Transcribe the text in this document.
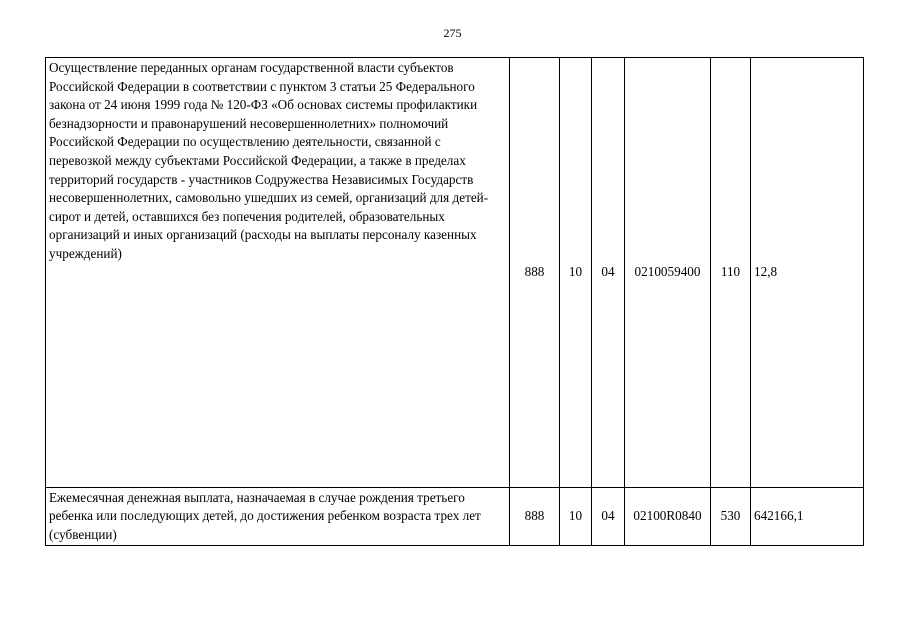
275
Осуществление переданных органам государственной власти субъектов Российской Федерации в соответствии с пунктом 3 статьи 25 Федерального закона от 24 июня 1999 года № 120-ФЗ «Об основах системы профилактики безнадзорности и правонарушений несовершеннолетних» полномочий Российской Федерации по осуществлению деятельности, связанной с перевозкой между субъектами Российской Федерации, а также в пределах территорий государств - участников Содружества Независимых Государств несовершеннолетних, самовольно ушедших из семей, организаций для детей-сирот и детей, оставшихся без попечения родителей, образовательных организаций и иных организаций (расходы на выплаты персоналу казенных учреждений)	888	10	04	0210059400	110	12,8
Ежемесячная денежная выплата, назначаемая в случае рождения третьего ребенка или последующих детей, до достижения ребенком возраста трех лет (субвенции)	888	10	04	02100R0840	530	642166,1
